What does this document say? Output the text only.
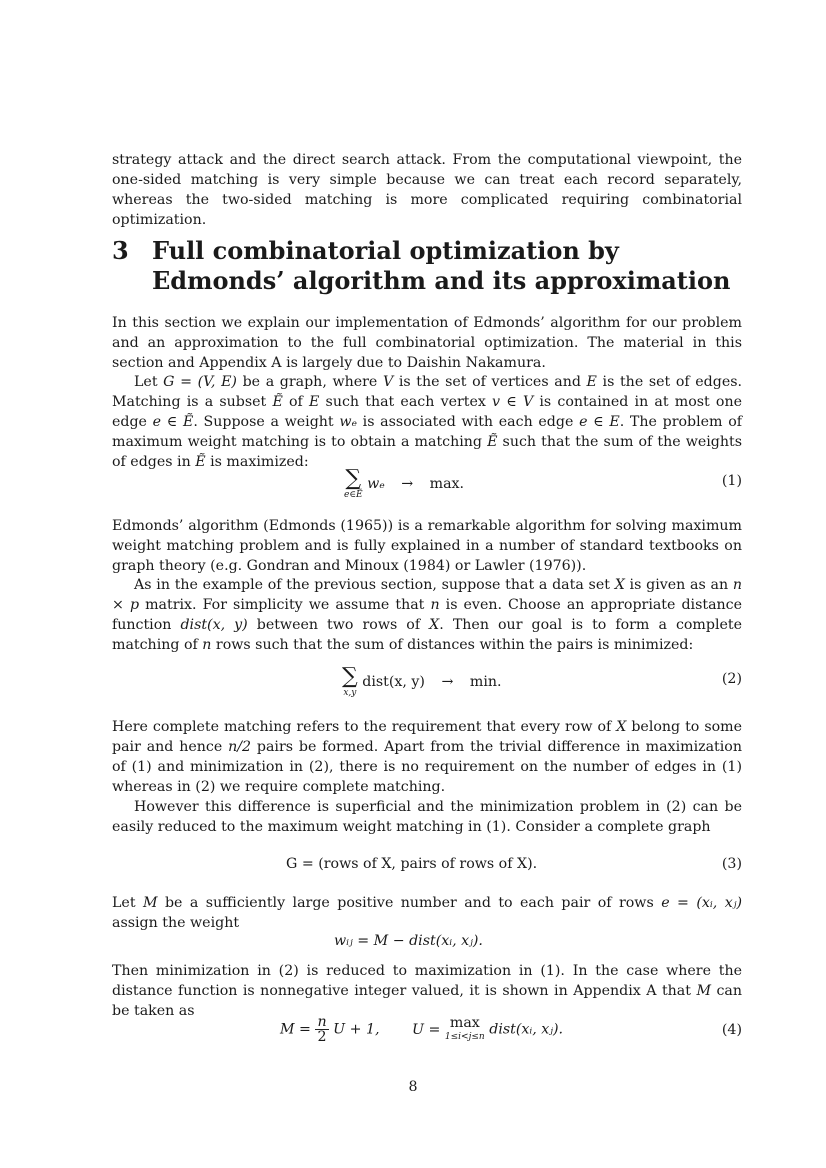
strategy attack and the direct search attack. From the computational viewpoint, the one-sided matching is very simple because we can treat each record separately, whereas the two-sided matching is more complicated requiring combinatorial optimization.
3 Full combinatorial optimization by Edmonds’ algorithm and its approximation
In this section we explain our implementation of Edmonds’ algorithm for our problem and an approximation to the full combinatorial optimization. The material in this section and Appendix A is largely due to Daishin Nakamura.
Let G = (V, E) be a graph, where V is the set of vertices and E is the set of edges. Matching is a subset Ẽ of E such that each vertex v ∈ V is contained in at most one edge e ∈ Ẽ. Suppose a weight wₑ is associated with each edge e ∈ E. The problem of maximum weight matching is to obtain a matching Ẽ such that the sum of the weights of edges in Ẽ is maximized:
∑
e∈Ẽ
wₑ → max.	(1)
Edmonds’ algorithm (Edmonds (1965)) is a remarkable algorithm for solving maximum weight matching problem and is fully explained in a number of standard textbooks on graph theory (e.g. Gondran and Minoux (1984) or Lawler (1976)).
As in the example of the previous section, suppose that a data set X is given as an n × p matrix. For simplicity we assume that n is even. Choose an appropriate distance function dist(x, y) between two rows of X. Then our goal is to form a complete matching of n rows such that the sum of distances within the pairs is minimized:
∑
x,y
dist(x, y) → min.	(2)
Here complete matching refers to the requirement that every row of X belong to some pair and hence n/2 pairs be formed. Apart from the trivial difference in maximization of (1) and minimization in (2), there is no requirement on the number of edges in (1) whereas in (2) we require complete matching.
However this difference is superficial and the minimization problem in (2) can be easily reduced to the maximum weight matching in (1). Consider a complete graph
G = (rows of X, pairs of rows of X).	(3)
Let M be a sufficiently large positive number and to each pair of rows e = (xᵢ, xⱼ) assign the weight
wᵢⱼ = M − dist(xᵢ, xⱼ).
Then minimization in (2) is reduced to maximization in (1). In the case where the distance function is nonnegative integer valued, it is shown in Appendix A that M can be taken as
$M = \frac{n}{2}$ U + 1, U = max
1≤i<j≤n dist(xᵢ, xⱼ).	(4)
8
